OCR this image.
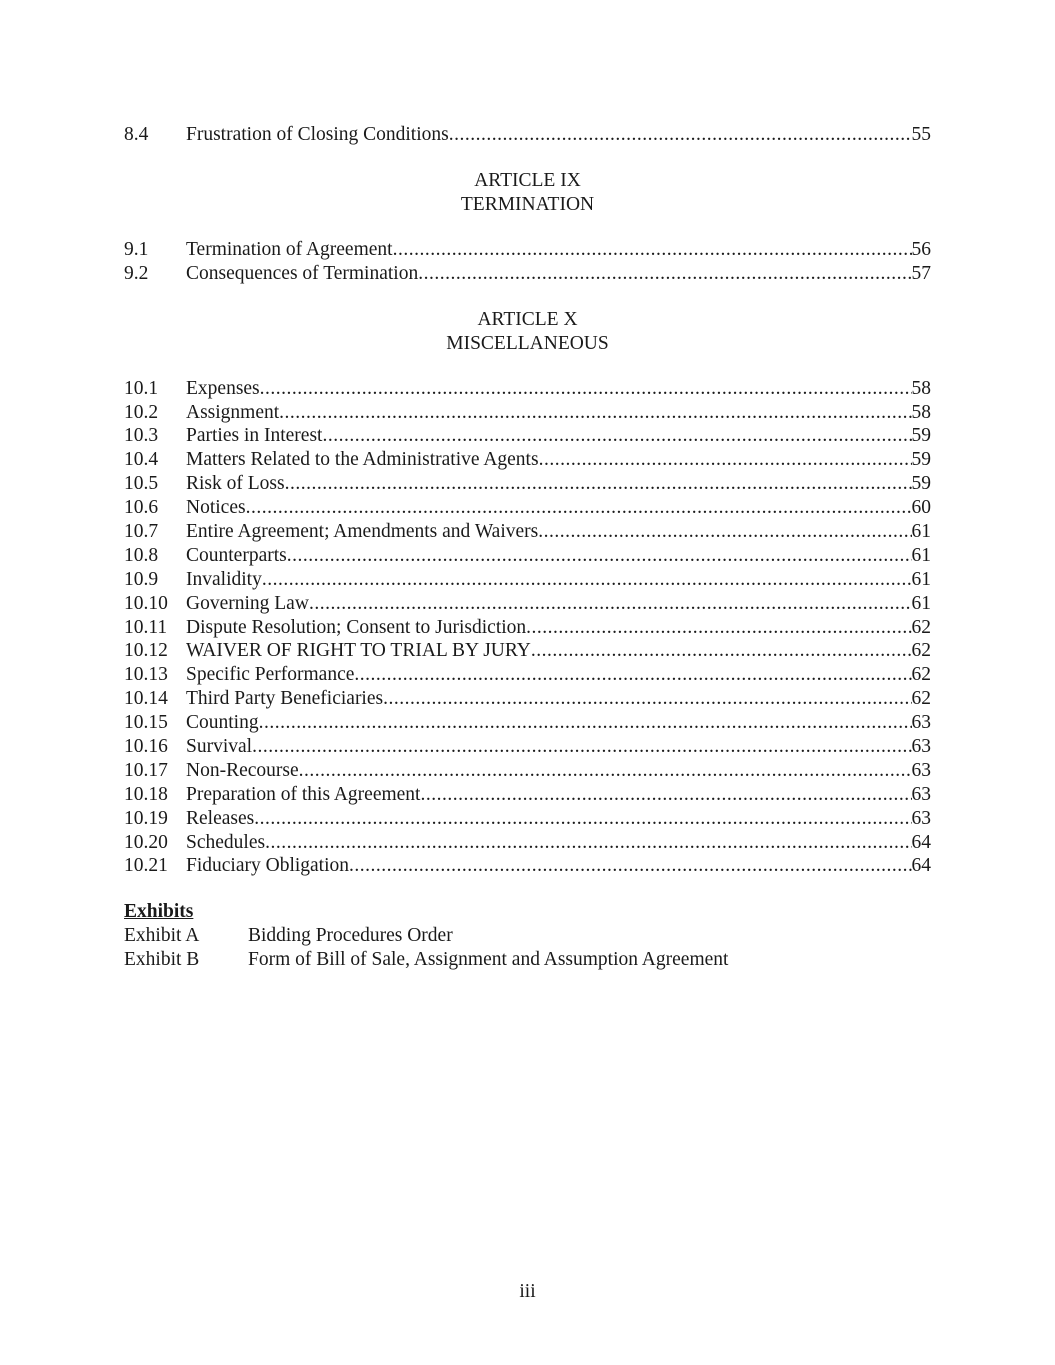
8.4	Frustration of Closing Conditions .....	55
ARTICLE IX
TERMINATION
9.1	Termination of Agreement .....	56
9.2	Consequences of Termination .....	57
ARTICLE X
MISCELLANEOUS
10.1	Expenses .....	58
10.2	Assignment .....	58
10.3	Parties in Interest .....	59
10.4	Matters Related to the Administrative Agents .....	59
10.5	Risk of Loss .....	59
10.6	Notices .....	60
10.7	Entire Agreement; Amendments and Waivers .....	61
10.8	Counterparts .....	61
10.9	Invalidity .....	61
10.10 Governing Law .....	61
10.11 Dispute Resolution; Consent to Jurisdiction .....	62
10.12 WAIVER OF RIGHT TO TRIAL BY JURY .....	62
10.13 Specific Performance .....	62
10.14 Third Party Beneficiaries .....	62
10.15 Counting .....	63
10.16 Survival .....	63
10.17 Non-Recourse .....	63
10.18 Preparation of this Agreement .....	63
10.19 Releases .....	63
10.20 Schedules .....	64
10.21 Fiduciary Obligation .....	64
Exhibits
Exhibit A	Bidding Procedures Order
Exhibit B	Form of Bill of Sale, Assignment and Assumption Agreement
iii
